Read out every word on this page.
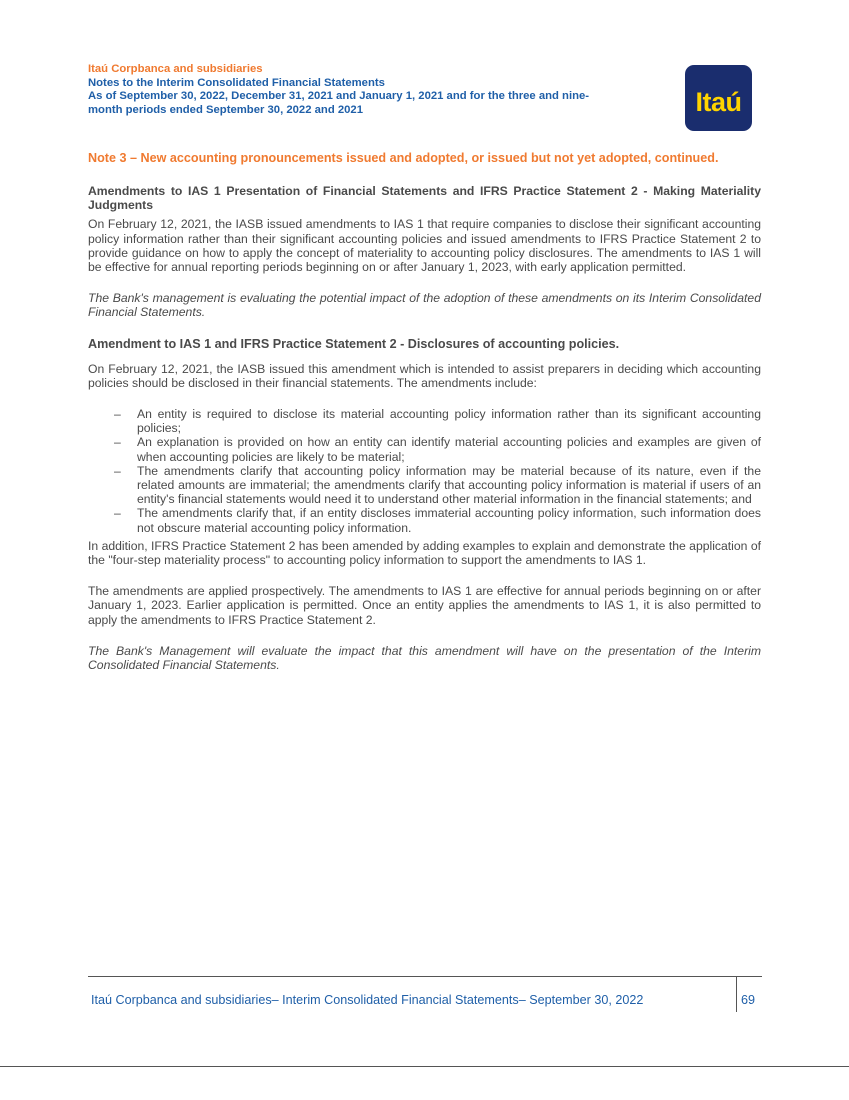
Itaú Corpbanca and subsidiaries
Notes to the Interim Consolidated Financial Statements
As of September 30, 2022, December 31, 2021 and January 1, 2021 and for the three and nine-
month periods ended September 30, 2022 and 2021	Itaú
Note 3 – New accounting pronouncements issued and adopted, or issued but not yet adopted, continued.
Amendments to IAS 1 Presentation of Financial Statements and IFRS Practice Statement 2 - Making Materiality Judgments

On February 12, 2021, the IASB issued amendments to IAS 1 that require companies to disclose their significant accounting policy information rather than their significant accounting policies and issued amendments to IFRS Practice Statement 2 to provide guidance on how to apply the concept of materiality to accounting policy disclosures. The amendments to IAS 1 will be effective for annual reporting periods beginning on or after January 1, 2023, with early application permitted.

The Bank's management is evaluating the potential impact of the adoption of these amendments on its Interim Consolidated Financial Statements.

Amendment to IAS 1 and IFRS Practice Statement 2 - Disclosures of accounting policies.

On February 12, 2021, the IASB issued this amendment which is intended to assist preparers in deciding which accounting policies should be disclosed in their financial statements. The amendments include:

– An entity is required to disclose its material accounting policy information rather than its significant accounting policies;
– An explanation is provided on how an entity can identify material accounting policies and examples are given of when accounting policies are likely to be material;
– The amendments clarify that accounting policy information may be material because of its nature, even if the related amounts are immaterial; the amendments clarify that accounting policy information is material if users of an entity's financial statements would need it to understand other material information in the financial statements; and
– The amendments clarify that, if an entity discloses immaterial accounting policy information, such information does not obscure material accounting policy information.

In addition, IFRS Practice Statement 2 has been amended by adding examples to explain and demonstrate the application of the "four-step materiality process" to accounting policy information to support the amendments to IAS 1.

The amendments are applied prospectively. The amendments to IAS 1 are effective for annual periods beginning on or after January 1, 2023. Earlier application is permitted. Once an entity applies the amendments to IAS 1, it is also permitted to apply the amendments to IFRS Practice Statement 2.

The Bank's Management will evaluate the impact that this amendment will have on the presentation of the Interim Consolidated Financial Statements.

Itaú Corpbanca and subsidiaries– Interim Consolidated Financial Statements– September 30, 2022	69
